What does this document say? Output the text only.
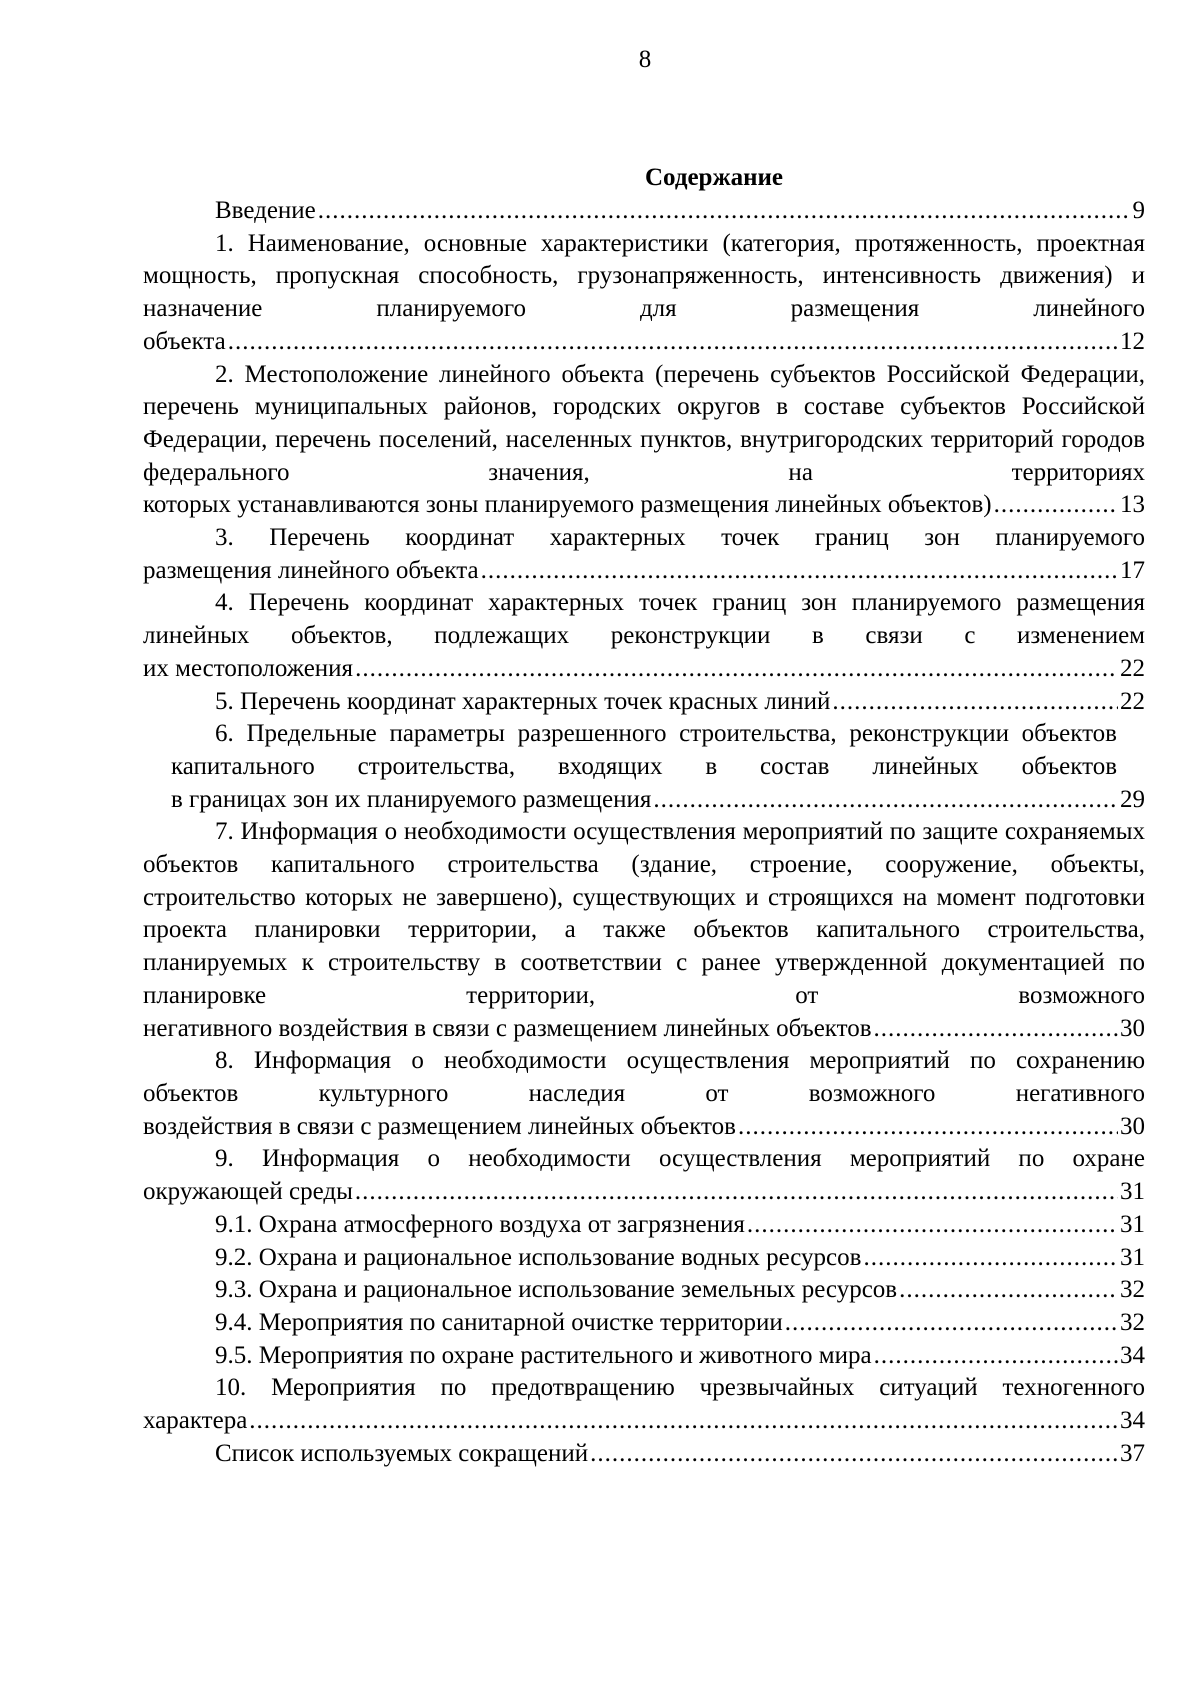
8
Содержание
Введение .....	9

1. Наименование, основные характеристики (категория, протяженность, проектная мощность, пропускная способность, грузонапряженность, интенсивность движения) и назначение планируемого для размещения линейного

объекта .....	12

2. Местоположение линейного объекта (перечень субъектов Российской Федерации, перечень муниципальных районов, городских округов в составе субъектов Российской Федерации, перечень поселений, населенных пунктов, внутригородских территорий городов федерального значения, на территориях

которых устанавливаются зоны планируемого размещения линейных объектов) .....	13

3. Перечень координат характерных точек границ зон планируемого

размещения линейного объекта .....	17

4. Перечень координат характерных точек границ зон планируемого размещения линейных объектов, подлежащих реконструкции в связи с изменением

их местоположения .....	22
5. Перечень координат характерных точек красных линий .....	22

6. Предельные параметры разрешенного строительства, реконструкции объектов капитального строительства, входящих в состав линейных объектов

в границах зон их планируемого размещения .....	29

7. Информация о необходимости осуществления мероприятий по защите сохраняемых объектов капитального строительства (здание, строение, сооружение, объекты, строительство которых не завершено), существующих и строящихся на момент подготовки проекта планировки территории, а также объектов капитального строительства, планируемых к строительству в соответствии с ранее утвержденной документацией по планировке территории, от возможного

негативного воздействия в связи с размещением линейных объектов .....	30

8. Информация о необходимости осуществления мероприятий по сохранению объектов культурного наследия от возможного негативного

воздействия в связи с размещением линейных объектов .....	30

9. Информация о необходимости осуществления мероприятий по охране

окружающей среды .....	31
9.1. Охрана атмосферного воздуха от загрязнения .....	31
9.2. Охрана и рациональное использование водных ресурсов .....	31
9.3. Охрана и рациональное использование земельных ресурсов .....	32
9.4. Мероприятия по санитарной очистке территории .....	32
9.5. Мероприятия по охране растительного и животного мира .....	34

10. Мероприятия по предотвращению чрезвычайных ситуаций техногенного

характера .....	34
Список используемых сокращений .....	37
